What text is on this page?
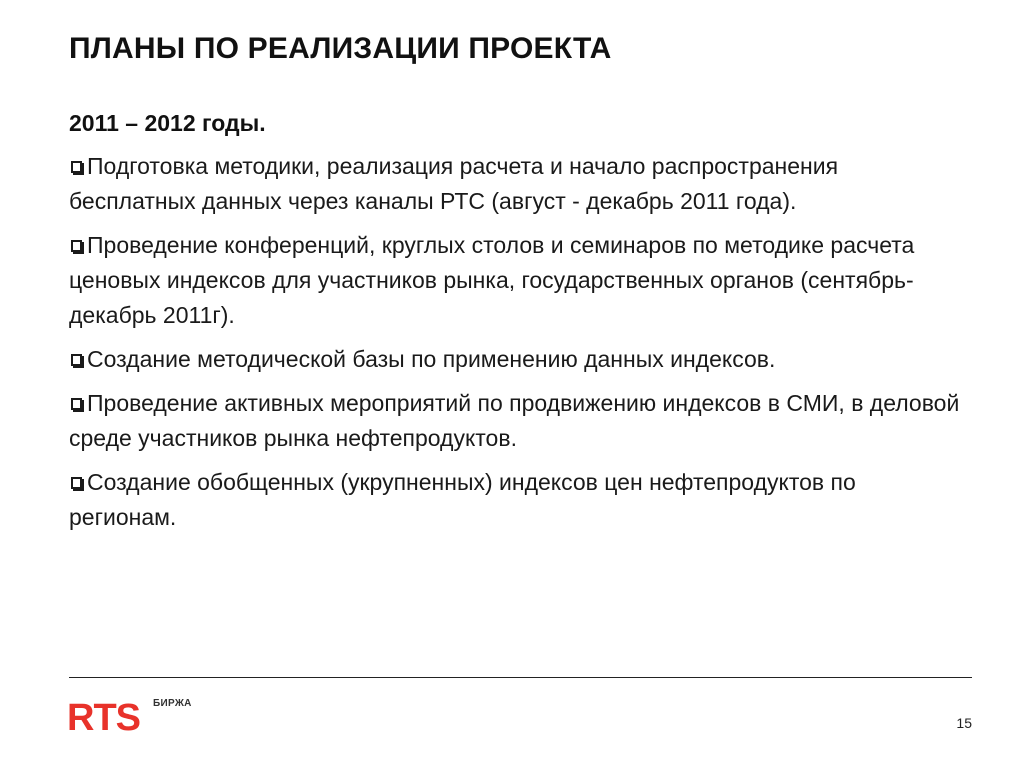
ПЛАНЫ ПО РЕАЛИЗАЦИИ ПРОЕКТА

2011 – 2012 годы.

Подготовка методики, реализация расчета и начало распространения бесплатных данных через каналы РТС (август - декабрь 2011 года).
Проведение конференций, круглых столов и семинаров по методике расчета ценовых индексов для участников рынка, государственных органов (сентябрь-декабрь 2011г).
Создание методической базы по применению данных индексов.
Проведение активных мероприятий по продвижению индексов в СМИ, в деловой среде участников рынка нефтепродуктов.
Создание обобщенных (укрупненных) индексов цен нефтепродуктов по регионам.
RTS БИРЖА
15
